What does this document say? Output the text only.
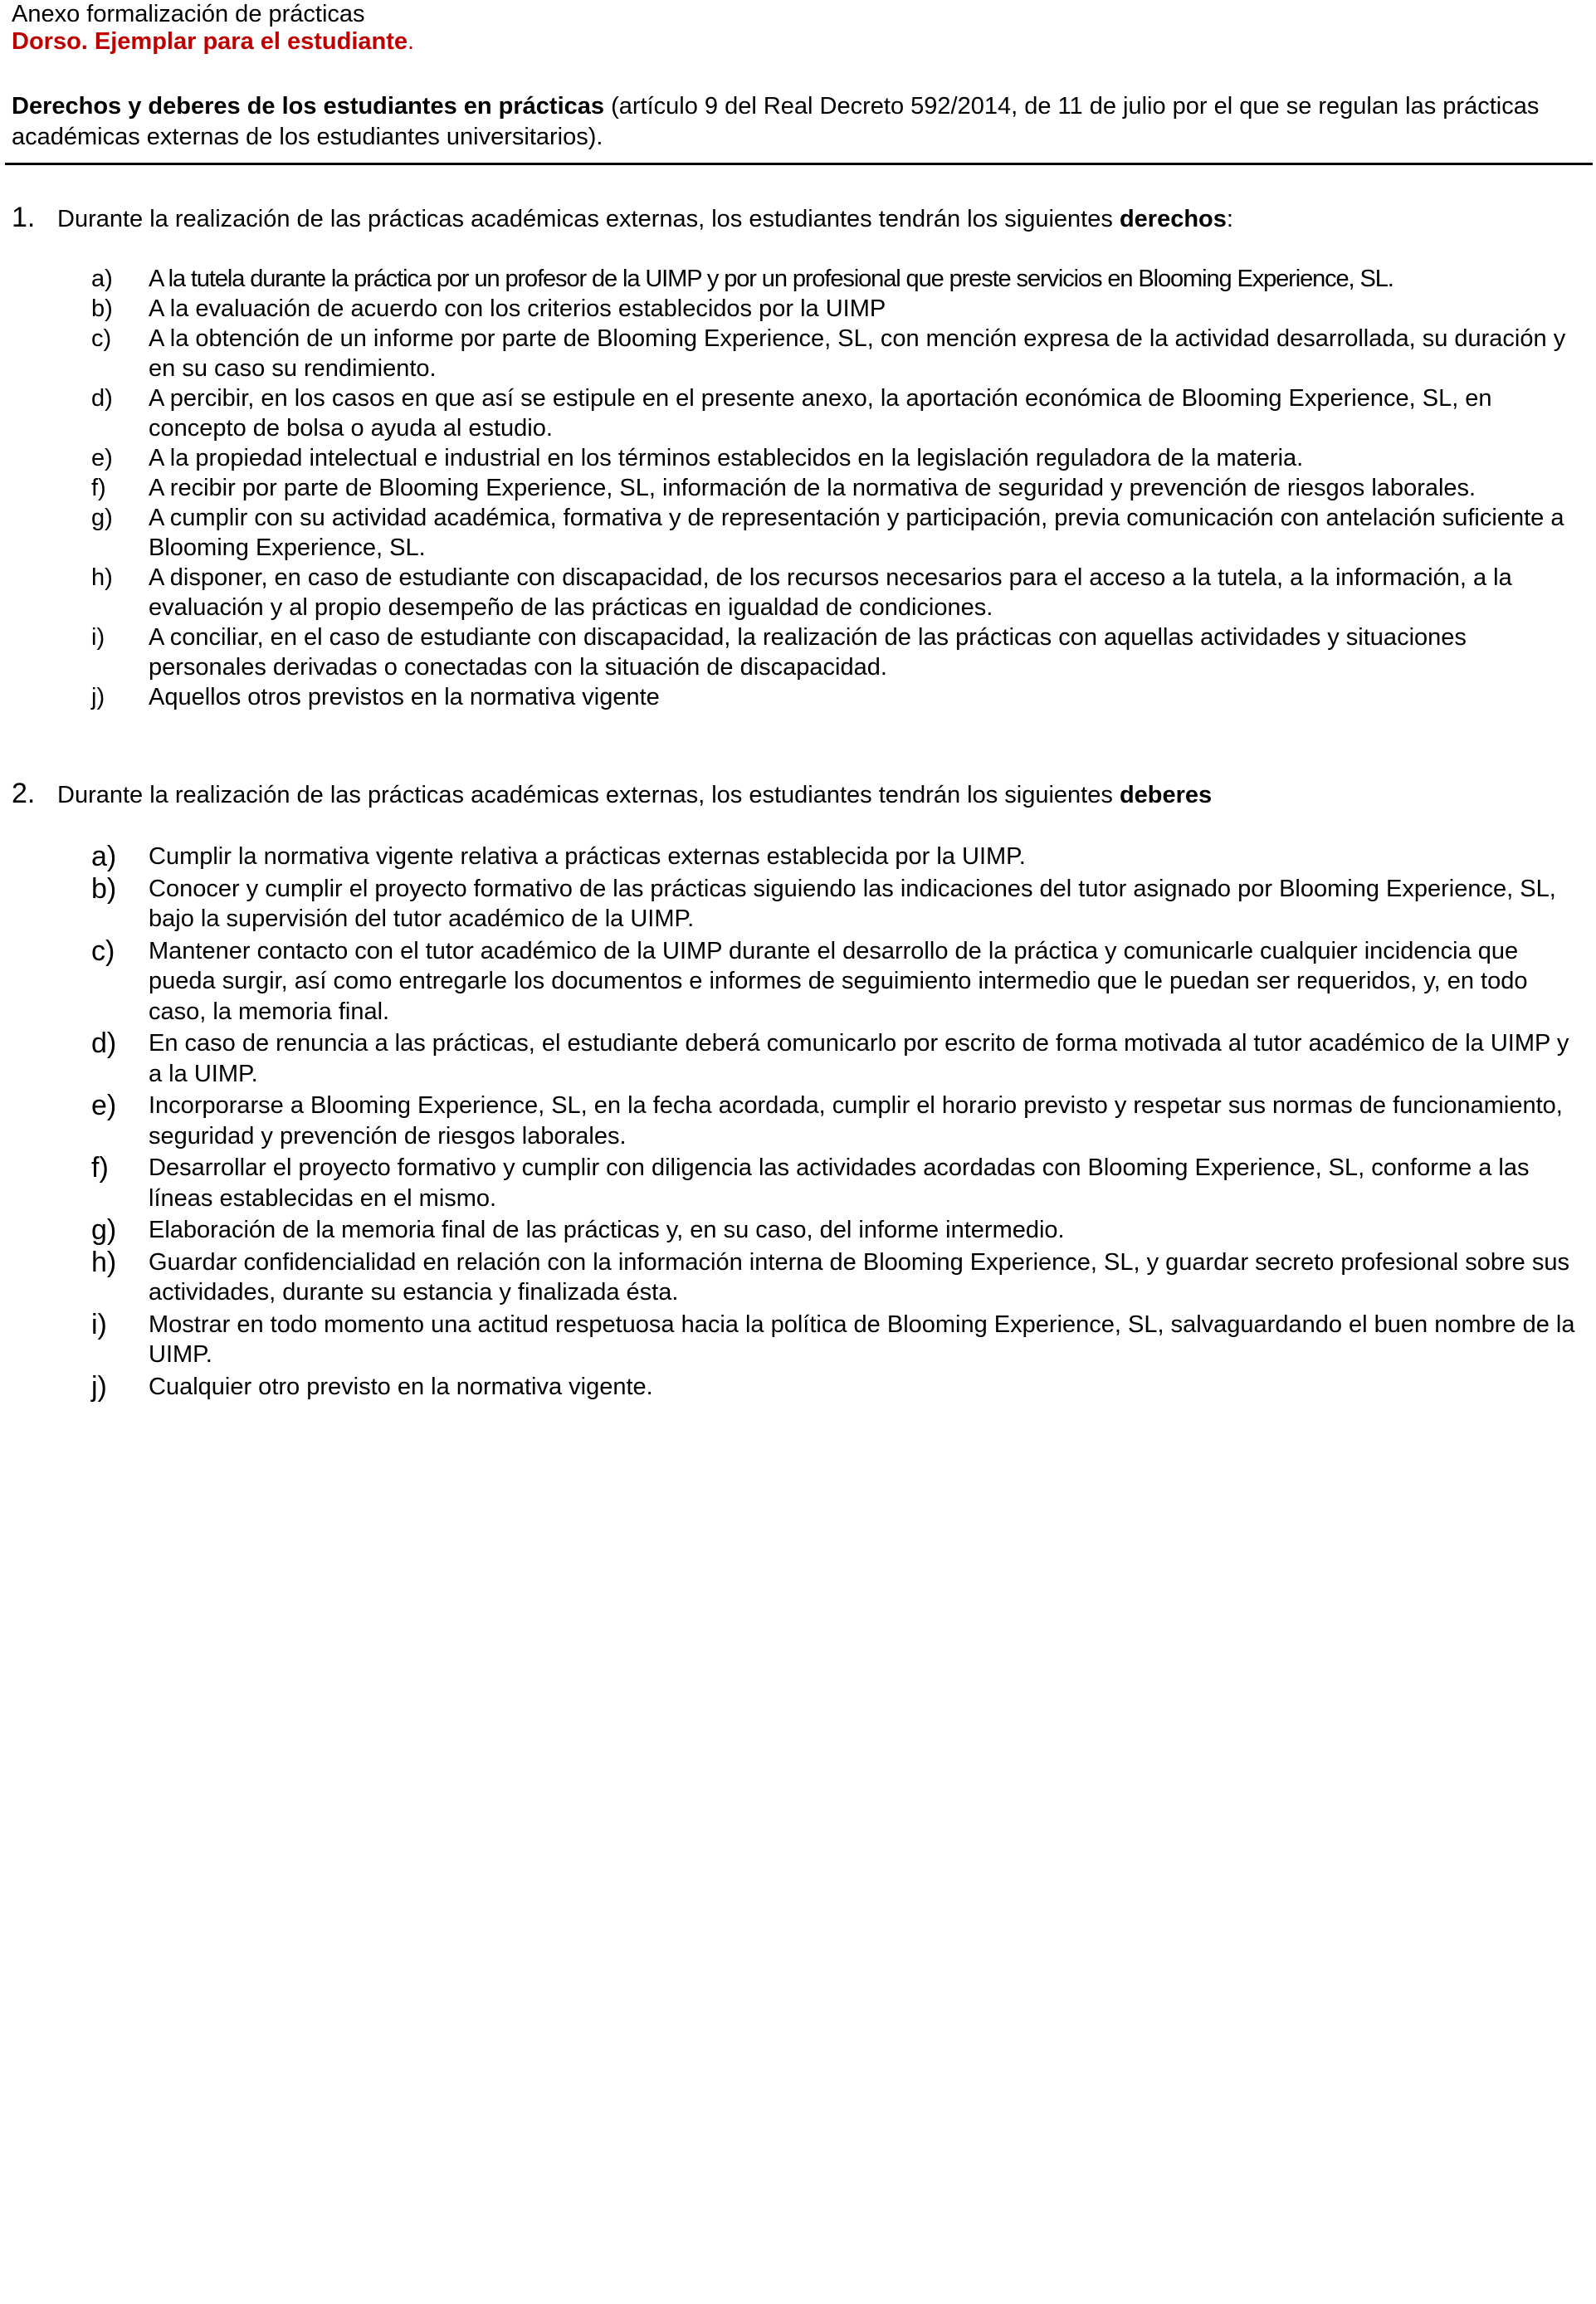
Anexo formalización de prácticas
Dorso. Ejemplar para el estudiante.
Derechos y deberes de los estudiantes en prácticas (artículo 9 del Real Decreto 592/2014, de 11 de julio por el que se regulan las prácticas académicas externas de los estudiantes universitarios).
1. Durante la realización de las prácticas académicas externas, los estudiantes tendrán los siguientes derechos:
a) A la tutela durante la práctica por un profesor de la UIMP y por un profesional que preste servicios en Blooming Experience, SL.
b) A la evaluación de acuerdo con los criterios establecidos por la UIMP
c) A la obtención de un informe por parte de Blooming Experience, SL, con mención expresa de la actividad desarrollada, su duración y en su caso su rendimiento.
d) A percibir, en los casos en que así se estipule en el presente anexo, la aportación económica de Blooming Experience, SL, en concepto de bolsa o ayuda al estudio.
e) A la propiedad intelectual e industrial en los términos establecidos en la legislación reguladora de la materia.
f) A recibir por parte de Blooming Experience, SL, información de la normativa de seguridad y prevención de riesgos laborales.
g) A cumplir con su actividad académica, formativa y de representación y participación, previa comunicación con antelación suficiente a Blooming Experience, SL.
h) A disponer, en caso de estudiante con discapacidad, de los recursos necesarios para el acceso a la tutela, a la información, a la evaluación y al propio desempeño de las prácticas en igualdad de condiciones.
i) A conciliar, en el caso de estudiante con discapacidad, la realización de las prácticas con aquellas actividades y situaciones personales derivadas o conectadas con la situación de discapacidad.
j) Aquellos otros previstos en la normativa vigente
2. Durante la realización de las prácticas académicas externas, los estudiantes tendrán los siguientes deberes
a) Cumplir la normativa vigente relativa a prácticas externas establecida por la UIMP.
b) Conocer y cumplir el proyecto formativo de las prácticas siguiendo las indicaciones del tutor asignado por Blooming Experience, SL, bajo la supervisión del tutor académico de la UIMP.
c) Mantener contacto con el tutor académico de la UIMP durante el desarrollo de la práctica y comunicarle cualquier incidencia que pueda surgir, así como entregarle los documentos e informes de seguimiento intermedio que le puedan ser requeridos, y, en todo caso, la memoria final.
d) En caso de renuncia a las prácticas, el estudiante deberá comunicarlo por escrito de forma motivada al tutor académico de la UIMP y a la UIMP.
e) Incorporarse a Blooming Experience, SL, en la fecha acordada, cumplir el horario previsto y respetar sus normas de funcionamiento, seguridad y prevención de riesgos laborales.
f) Desarrollar el proyecto formativo y cumplir con diligencia las actividades acordadas con Blooming Experience, SL, conforme a las líneas establecidas en el mismo.
g) Elaboración de la memoria final de las prácticas y, en su caso, del informe intermedio.
h) Guardar confidencialidad en relación con la información interna de Blooming Experience, SL, y guardar secreto profesional sobre sus actividades, durante su estancia y finalizada ésta.
i) Mostrar en todo momento una actitud respetuosa hacia la política de Blooming Experience, SL, salvaguardando el buen nombre de la UIMP.
j) Cualquier otro previsto en la normativa vigente.
